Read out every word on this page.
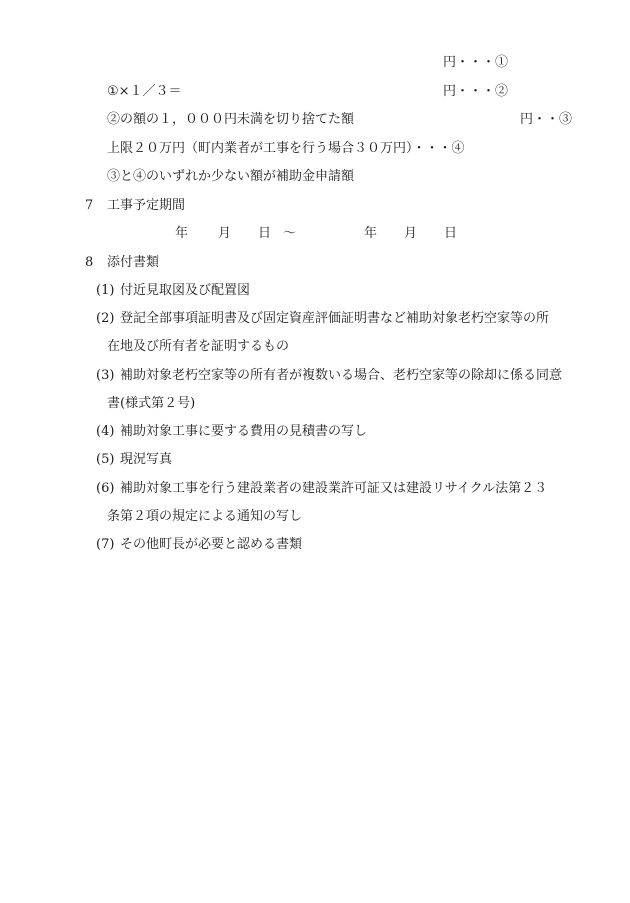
円・・・①
①×１／３＝	円・・・②
②の額の１，０００円未満を切り捨てた額	円・・③
上限２０万円（町内業者が工事を行う場合３０万円）・・・④
③と④のいずれか少ない額が補助金申請額
7 工事予定期間
年 月 日 ～	年 月 日
8 添付書類
(1) 付近見取図及び配置図
(2) 登記全部事項証明書及び固定資産評価証明書など補助対象老朽空家等の所
在地及び所有者を証明するもの
(3) 補助対象老朽空家等の所有者が複数いる場合、老朽空家等の除却に係る同意
書(様式第２号)
(4) 補助対象工事に要する費用の見積書の写し
(5) 現況写真
(6) 補助対象工事を行う建設業者の建設業許可証又は建設リサイクル法第２３
条第２項の規定による通知の写し
(7) その他町長が必要と認める書類
